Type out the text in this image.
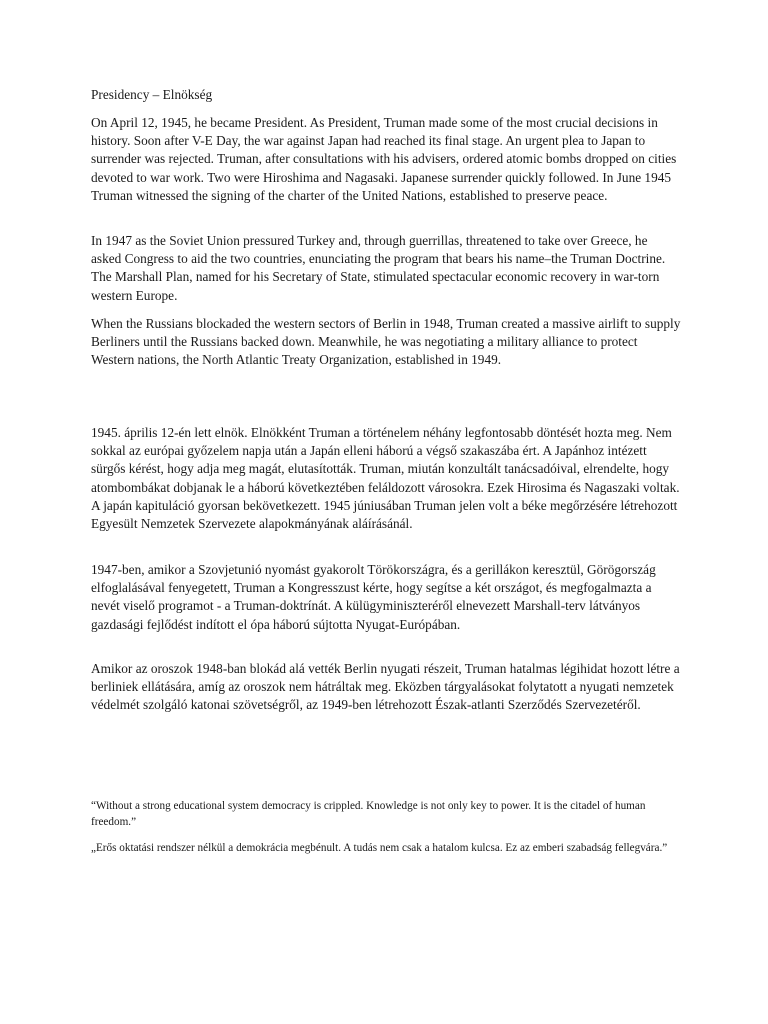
Presidency – Elnökség

On April 12, 1945, he became President. As President, Truman made some of the most crucial decisions in history. Soon after V-E Day, the war against Japan had reached its final stage. An urgent plea to Japan to surrender was rejected. Truman, after consultations with his advisers, ordered atomic bombs dropped on cities devoted to war work. Two were Hiroshima and Nagasaki. Japanese surrender quickly followed. In June 1945 Truman witnessed the signing of the charter of the United Nations, established to preserve peace.

In 1947 as the Soviet Union pressured Turkey and, through guerrillas, threatened to take over Greece, he asked Congress to aid the two countries, enunciating the program that bears his name–the Truman Doctrine. The Marshall Plan, named for his Secretary of State, stimulated spectacular economic recovery in war-torn western Europe.

When the Russians blockaded the western sectors of Berlin in 1948, Truman created a massive airlift to supply Berliners until the Russians backed down. Meanwhile, he was negotiating a military alliance to protect Western nations, the North Atlantic Treaty Organization, established in 1949.

1945. április 12-én lett elnök. Elnökként Truman a történelem néhány legfontosabb döntését hozta meg. Nem sokkal az európai győzelem napja után a Japán elleni háború a végső szakaszába ért. A Japánhoz intézett sürgős kérést, hogy adja meg magát, elutasították. Truman, miután konzultált tanácsadóival, elrendelte, hogy atombombákat dobjanak le a háború következtében feláldozott városokra. Ezek Hirosima és Nagaszaki voltak. A japán kapituláció gyorsan bekövetkezett. 1945 júniusában Truman jelen volt a béke megőrzésére létrehozott Egyesült Nemzetek Szervezete alapokmányának aláírásánál.

1947-ben, amikor a Szovjetunió nyomást gyakorolt Törökországra, és a gerillákon keresztül, Görögország elfoglalásával fenyegetett, Truman a Kongresszust kérte, hogy segítse a két országot, és megfogalmazta a nevét viselő programot - a Truman-doktrínát. A külügyminiszteréről elnevezett Marshall-terv látványos gazdasági fejlődést indított el ópa háború sújtotta Nyugat-Európában.

Amikor az oroszok 1948-ban blokád alá vették Berlin nyugati részeit, Truman hatalmas légihidat hozott létre a berliniek ellátására, amíg az oroszok nem hátráltak meg. Eközben tárgyalásokat folytatott a nyugati nemzetek védelmét szolgáló katonai szövetségről, az 1949-ben létrehozott Észak-atlanti Szerződés Szervezetéről.

“Without a strong educational system democracy is crippled. Knowledge is not only key to power. It is the citadel of human freedom.”

„Erős oktatási rendszer nélkül a demokrácia megbénult. A tudás nem csak a hatalom kulcsa. Ez az emberi szabadság fellegvára.”
